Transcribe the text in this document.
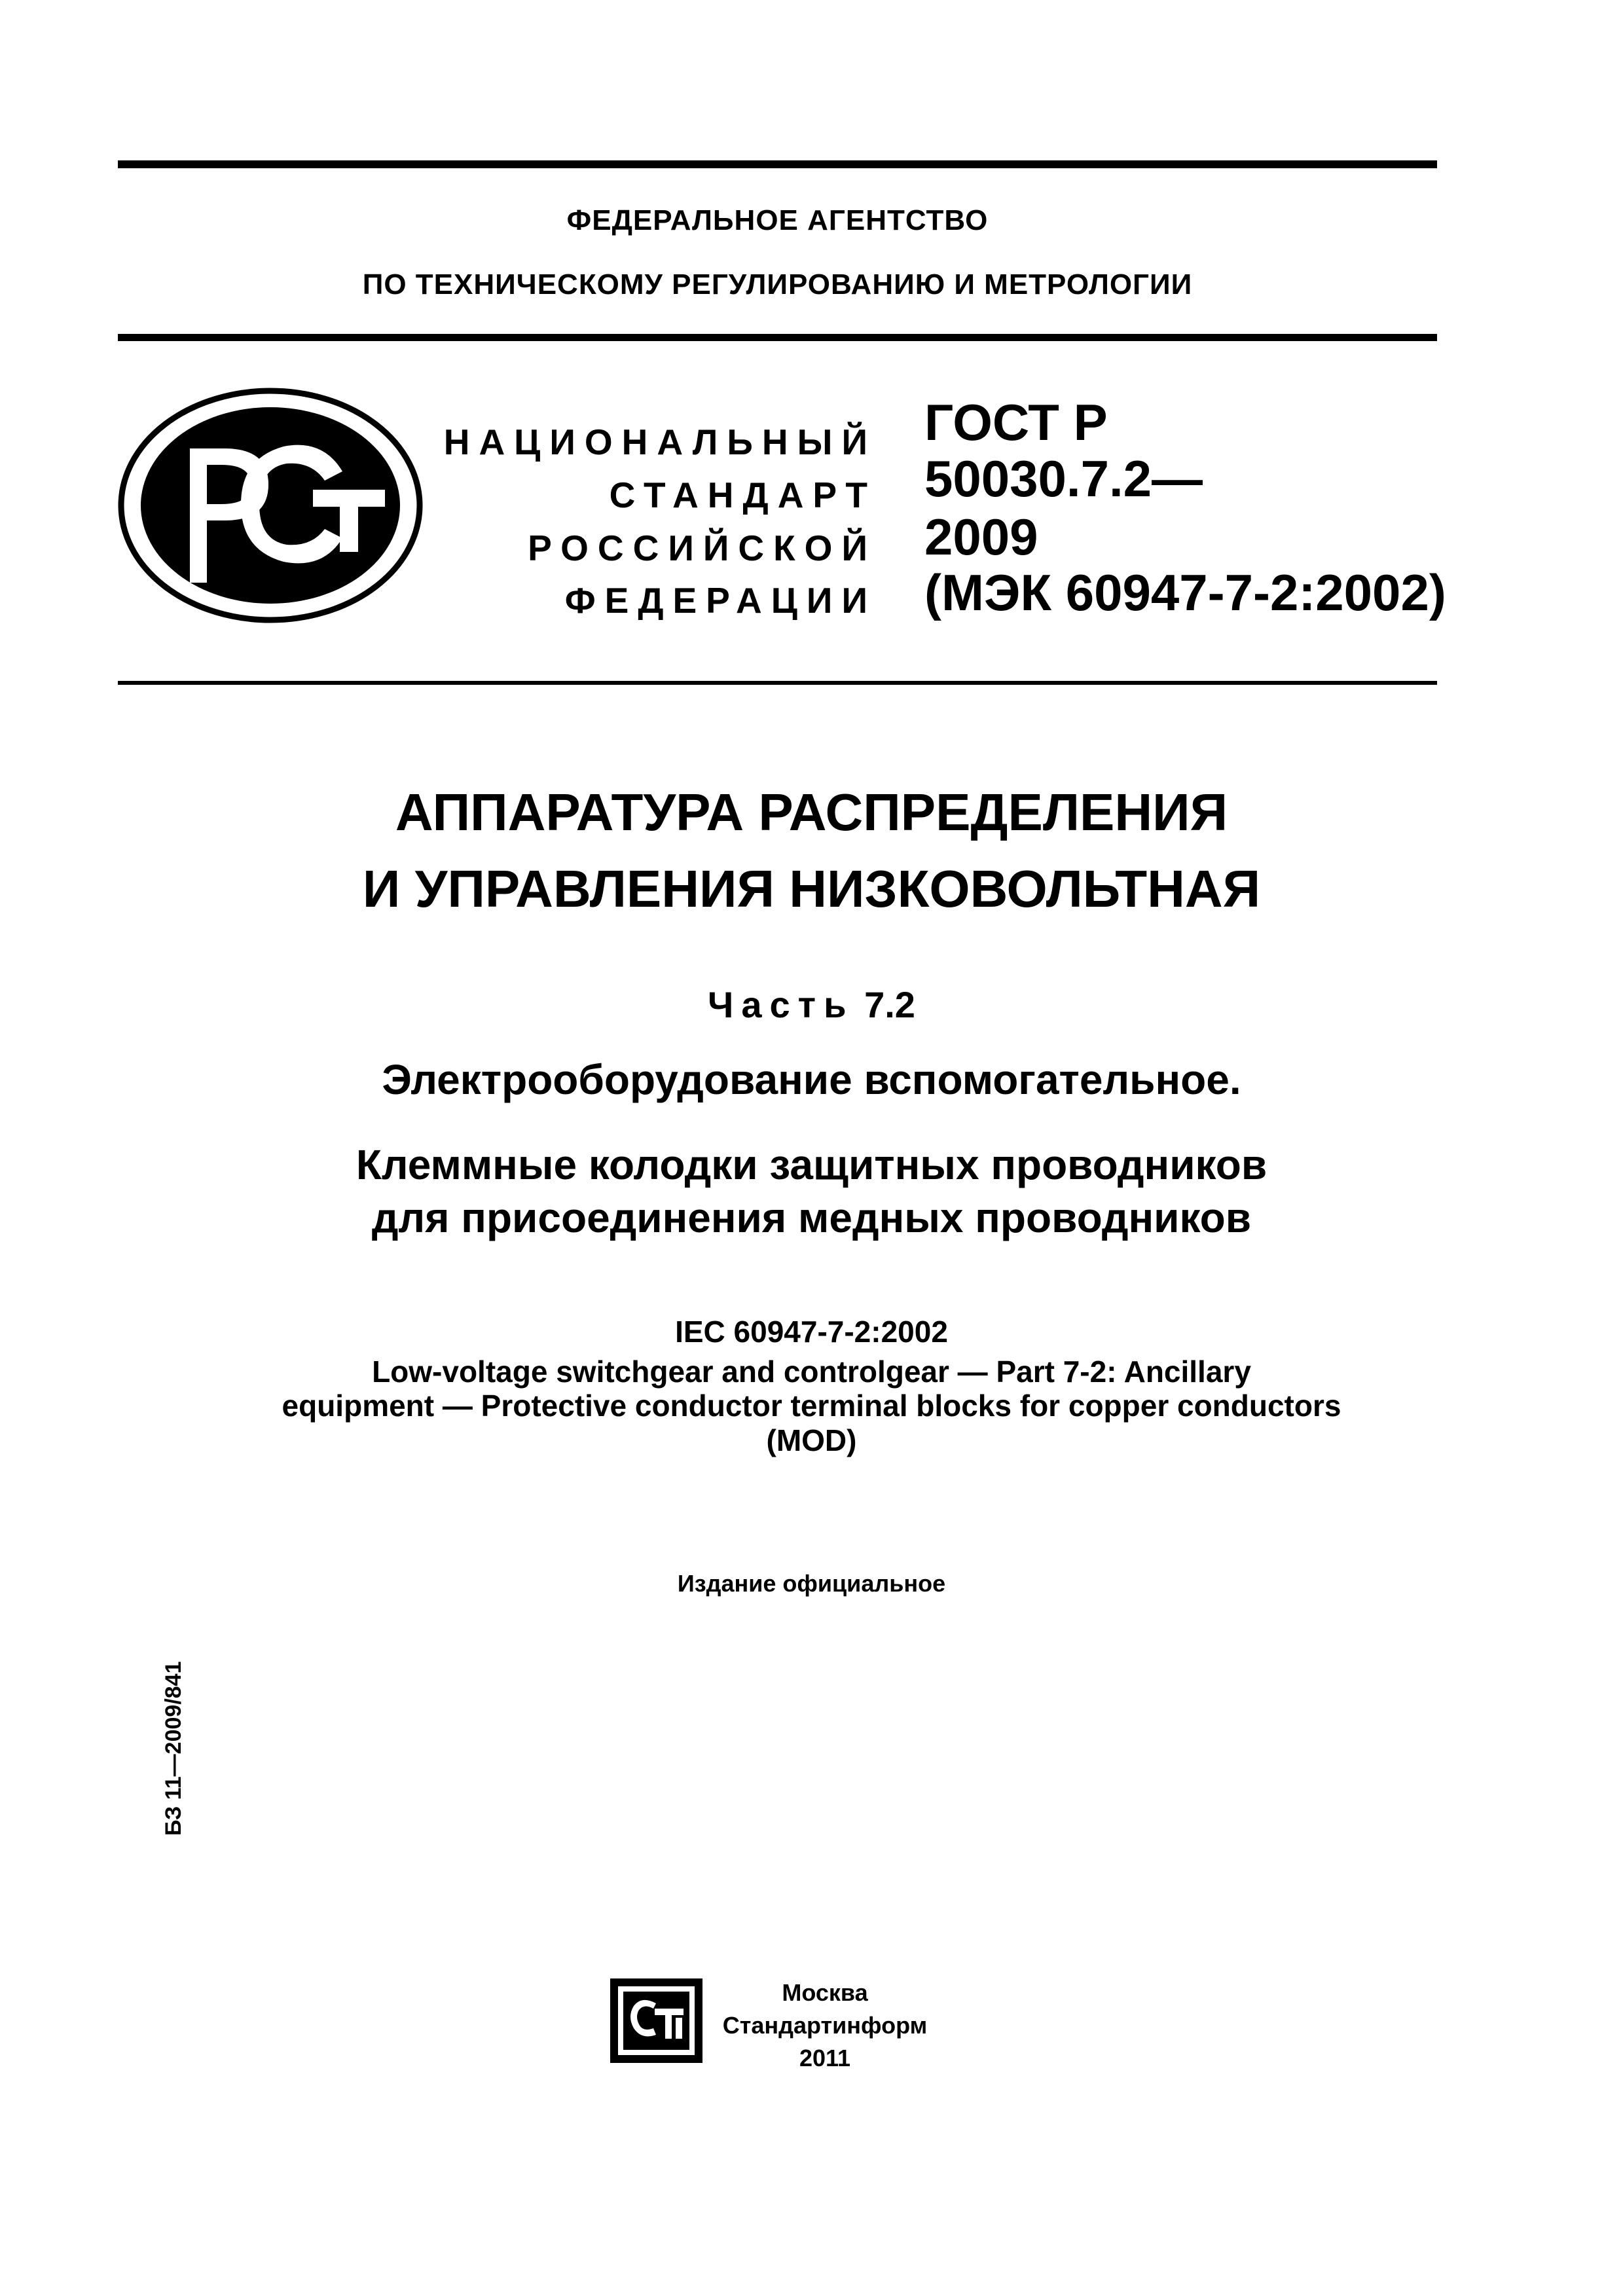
ФЕДЕРАЛЬНОЕ АГЕНТСТВО
ПО ТЕХНИЧЕСКОМУ РЕГУЛИРОВАНИЮ И МЕТРОЛОГИИ
НАЦИОНАЛЬНЫЙ
СТАНДАРТ
РОССИЙСКОЙ
ФЕДЕРАЦИИ
ГОСТ Р
50030.7.2—
2009
(МЭК 60947-7-2:2002)
АППАРАТУРА РАСПРЕДЕЛЕНИЯ
И УПРАВЛЕНИЯ НИЗКОВОЛЬТНАЯ
Часть 7.2
Электрооборудование вспомогательное.
Клеммные колодки защитных проводников
для присоединения медных проводников
IEC 60947-7-2:2002
Low-voltage switchgear and controlgear — Part 7-2: Ancillary
equipment — Protective conductor terminal blocks for copper conductors
(MOD)
Издание официальное
БЗ 11—2009/841
Москва
Стандартинформ
2011
